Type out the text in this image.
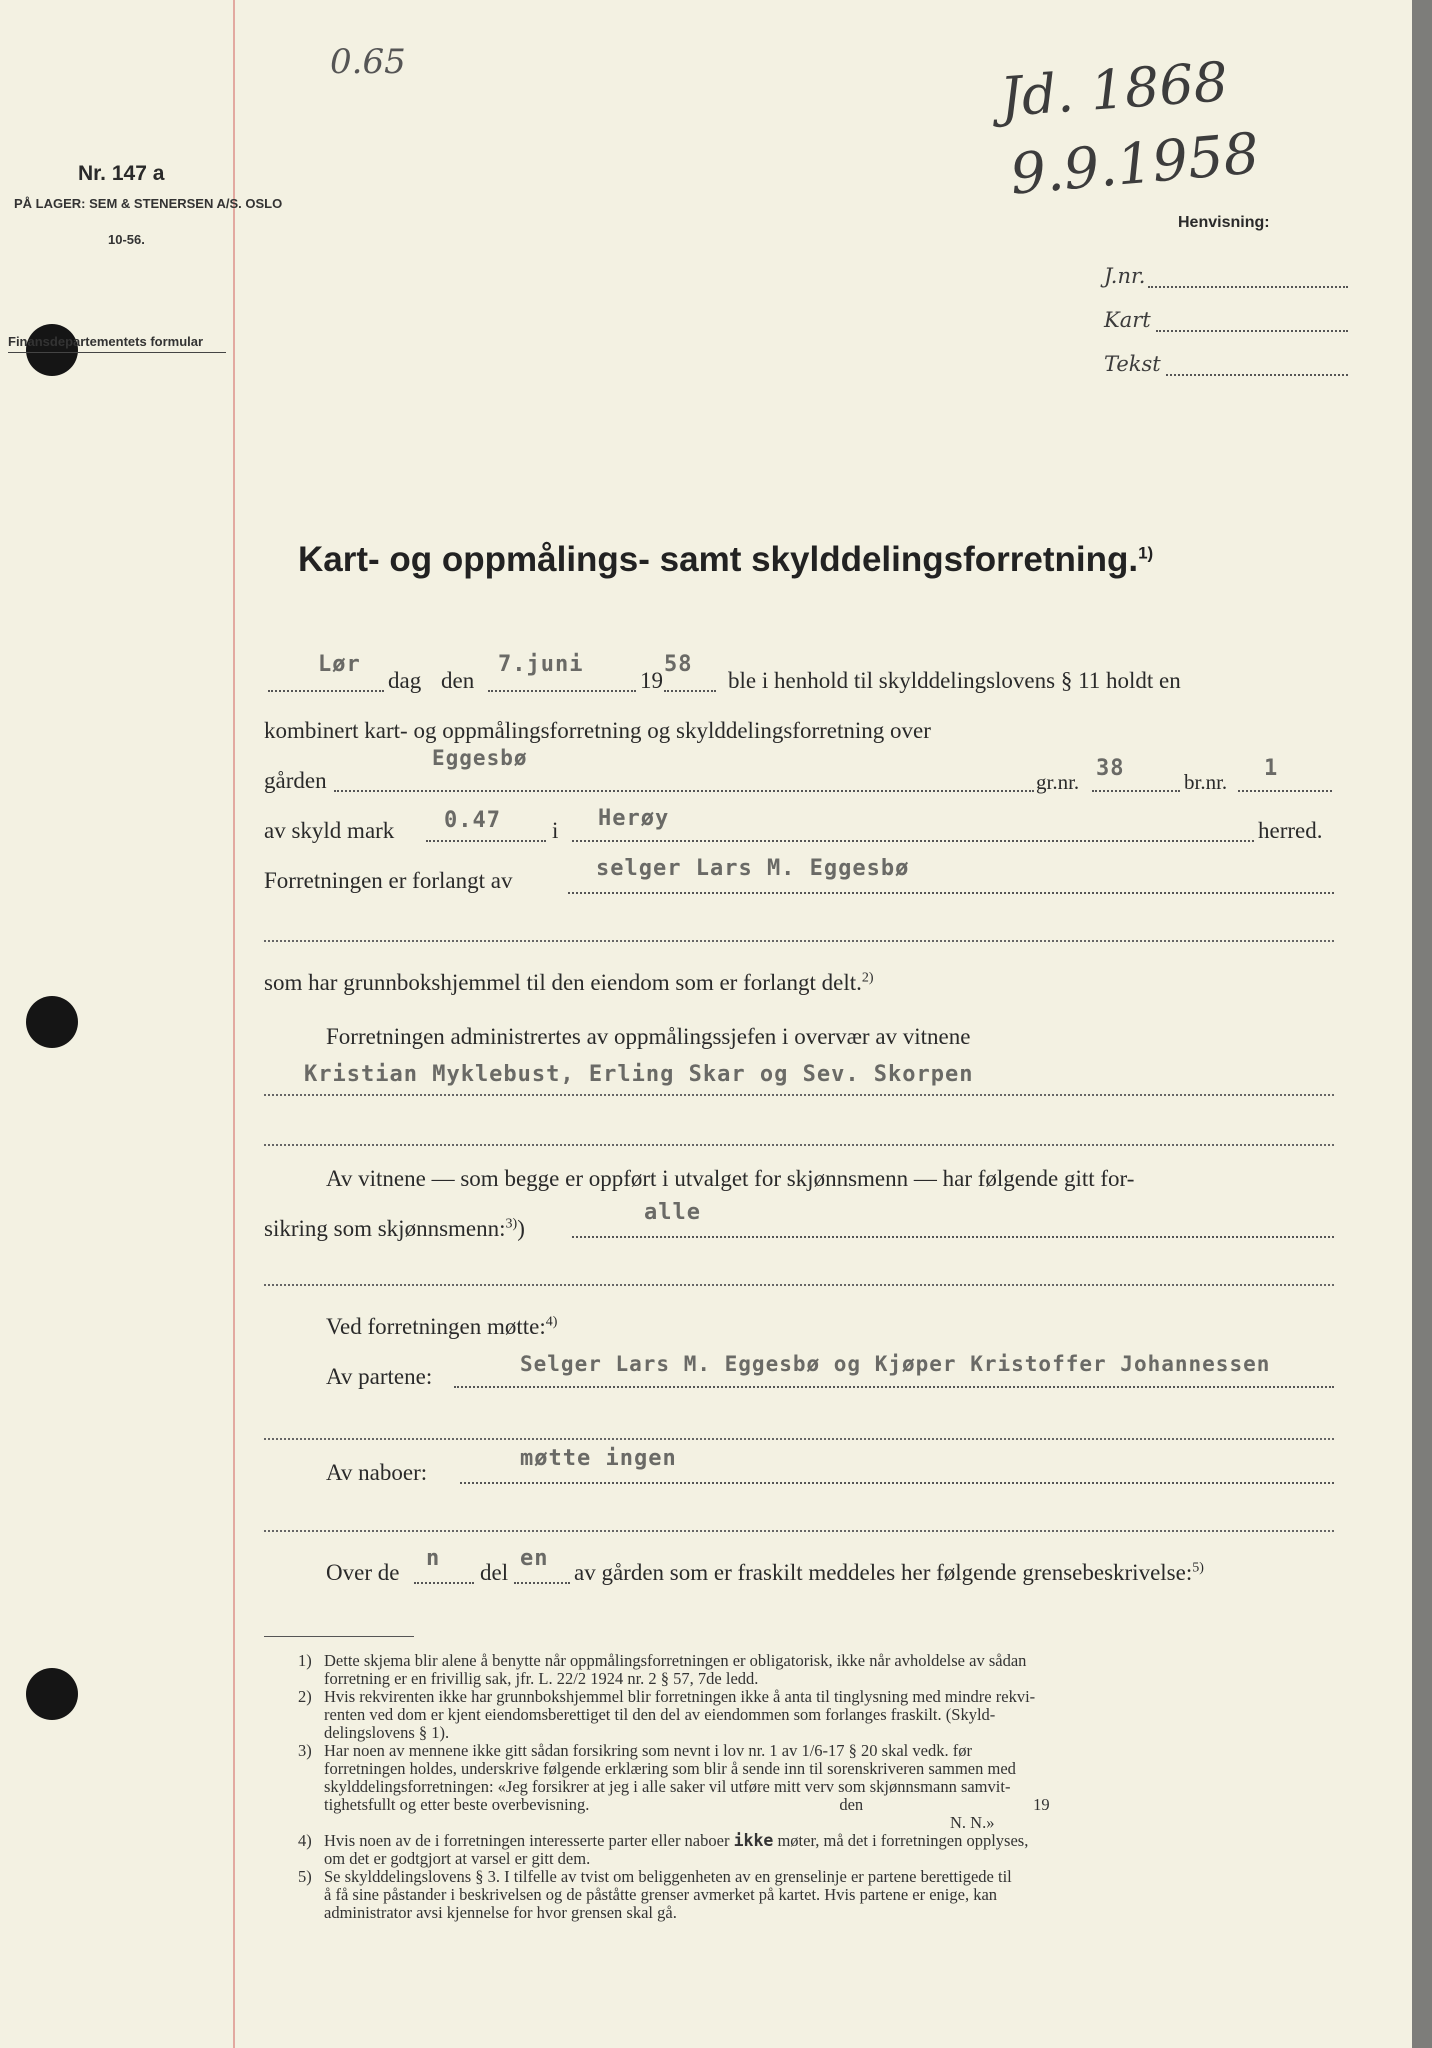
0.65	Jd. 1868
9.9.1958
Nr. 147 a
PÅ LAGER: SEM & STENERSEN A/S. OSLO
10-56.
Finansdepartementets formular
Henvisning:
J.nr.
Kart
Tekst
Kart- og oppmålings- samt skylddelingsforretning.$^{1)}$
Lør
dag den
7.juni
19
58
ble i henhold til skylddelingslovens § 11 holdt en
kombinert kart- og oppmålingsforretning og skylddelingsforretning over
gården
Eggesbø
gr.nr.
38
br.nr.
1
av skyld mark 0.47 i Herøy	herred.
Forretningen er forlangt av	selger Lars M. Eggesbø
som har grunnbokshjemmel til den eiendom som er forlangt delt.$^{2)}$
Forretningen administrertes av oppmålingssjefen i overvær av vitnene
Kristian Myklebust, Erling Skar og Sev. Skorpen
Av vitnene — som begge er oppført i utvalget for skjønnsmenn — har følgende gitt for-
sikring som skjønnsmenn:$^{3)}$)
alle
Ved forretningen møtte:$^{4)}$
Av partene:	Selger Lars M. Eggesbø og Kjøper Kristoffer Johannessen
Av naboer:
møtte ingen
Over de
n
del
en
av gården som er fraskilt meddeles her følgende grensebeskrivelse:$^{5)}$

1) Dette skjema blir alene å benytte når oppmålingsforretningen er obligatorisk, ikke når avholdelse av sådan

forretning er en frivillig sak, jfr. L. 22/2 1924 nr. 2 § 57, 7de ledd.

2) Hvis rekvirenten ikke har grunnbokshjemmel blir forretningen ikke å anta til tinglysning med mindre rekvi-

renten ved dom er kjent eiendomsberettiget til den del av eiendommen som forlanges fraskilt. (Skyld-

delingslovens § 1).

3) Har noen av mennene ikke gitt sådan forsikring som nevnt i lov nr. 1 av 1/6-17 § 20 skal vedk. før

forretningen holdes, underskrive følgende erklæring som blir å sende inn til sorenskriveren sammen med

skylddelingsforretningen: «Jeg forsikrer at jeg i alle saker vil utføre mitt verv som skjønnsmann samvit-

tighetsfullt og etter beste overbevisning.	den	19

N. N.»

4) Hvis noen av de i forretningen interesserte parter eller naboer ikke møter, må det i forretningen opplyses,

om det er godtgjort at varsel er gitt dem.

5) Se skylddelingslovens § 3. I tilfelle av tvist om beliggenheten av en grenselinje er partene berettigede til

å få sine påstander i beskrivelsen og de påståtte grenser avmerket på kartet. Hvis partene er enige, kan

administrator avsi kjennelse for hvor grensen skal gå.
